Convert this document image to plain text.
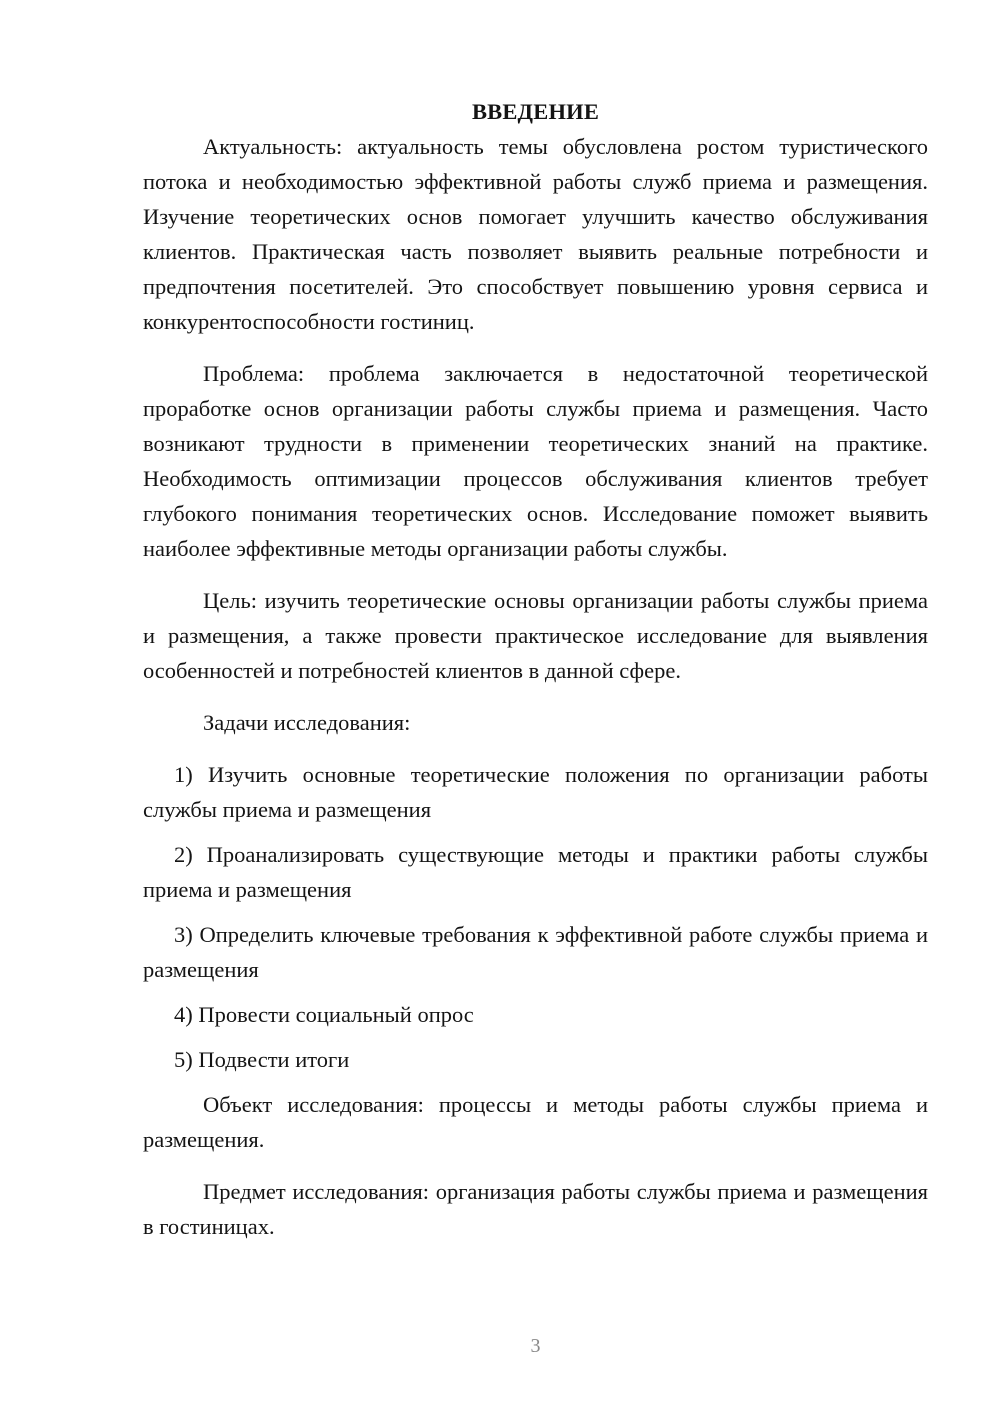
ВВЕДЕНИЕ

Актуальность: актуальность темы обусловлена ростом туристического потока и необходимостью эффективной работы служб приема и размещения. Изучение теоретических основ помогает улучшить качество обслуживания клиентов. Практическая часть позволяет выявить реальные потребности и предпочтения посетителей. Это способствует повышению уровня сервиса и конкурентоспособности гостиниц.

Проблема: проблема заключается в недостаточной теоретической проработке основ организации работы службы приема и размещения. Часто возникают трудности в применении теоретических знаний на практике. Необходимость оптимизации процессов обслуживания клиентов требует глубокого понимания теоретических основ. Исследование поможет выявить наиболее эффективные методы организации работы службы.

Цель: изучить теоретические основы организации работы службы приема и размещения, а также провести практическое исследование для выявления особенностей и потребностей клиентов в данной сфере.

Задачи исследования:

1) Изучить основные теоретические положения по организации работы службы приема и размещения

2) Проанализировать существующие методы и практики работы службы приема и размещения

3) Определить ключевые требования к эффективной работе службы приема и размещения

4) Провести социальный опрос

5) Подвести итоги

Объект исследования: процессы и методы работы службы приема и размещения.

Предмет исследования: организация работы службы приема и размещения в гостиницах.

3
